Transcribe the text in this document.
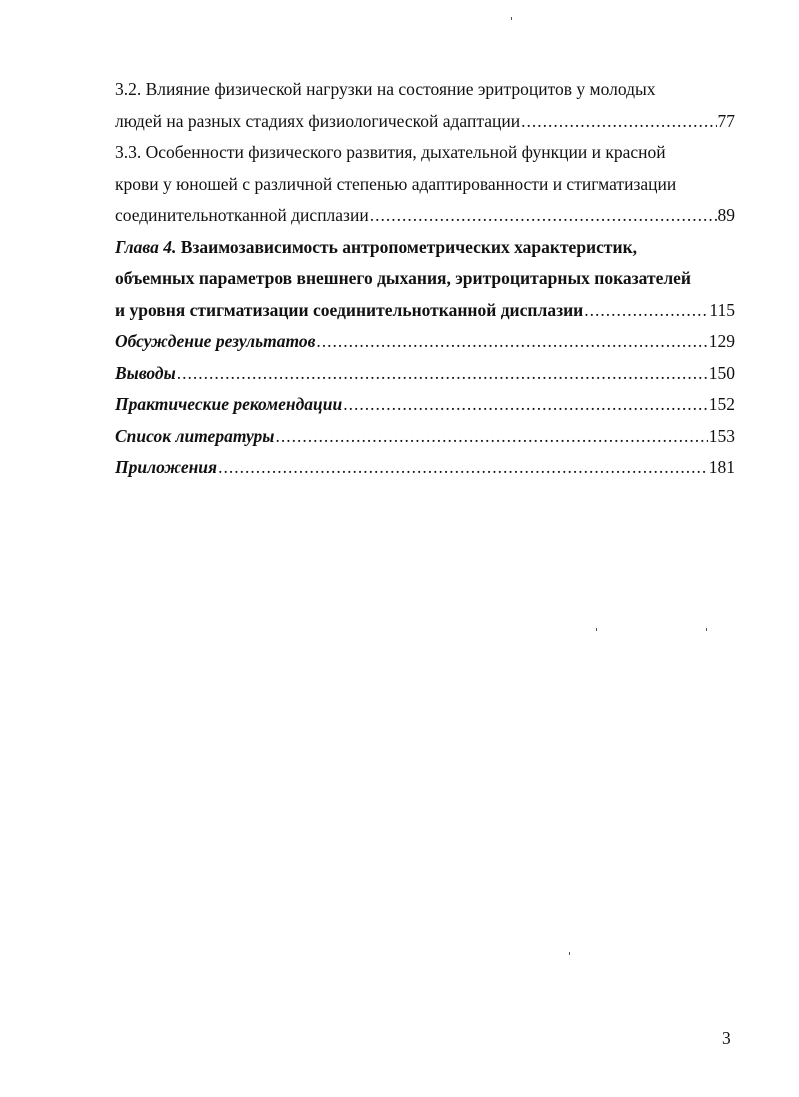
3.2. Влияние физической нагрузки на состояние эритроцитов у молодых
людей на разных стадиях физиологической адаптации .....	77
3.3. Особенности физического развития, дыхательной функции и красной
крови у юношей с различной степенью адаптированности и стигматизации
соединительнотканной дисплазии .....	89
Глава 4. Взаимозависимость антропометрических характеристик,
объемных параметров внешнего дыхания, эритроцитарных показателей
и уровня стигматизации соединительнотканной дисплазии .....	115
Обсуждение результатов .....	129
Выводы .....	150
Практические рекомендации .....	152
Список литературы .....	153
Приложения .....	181
3
